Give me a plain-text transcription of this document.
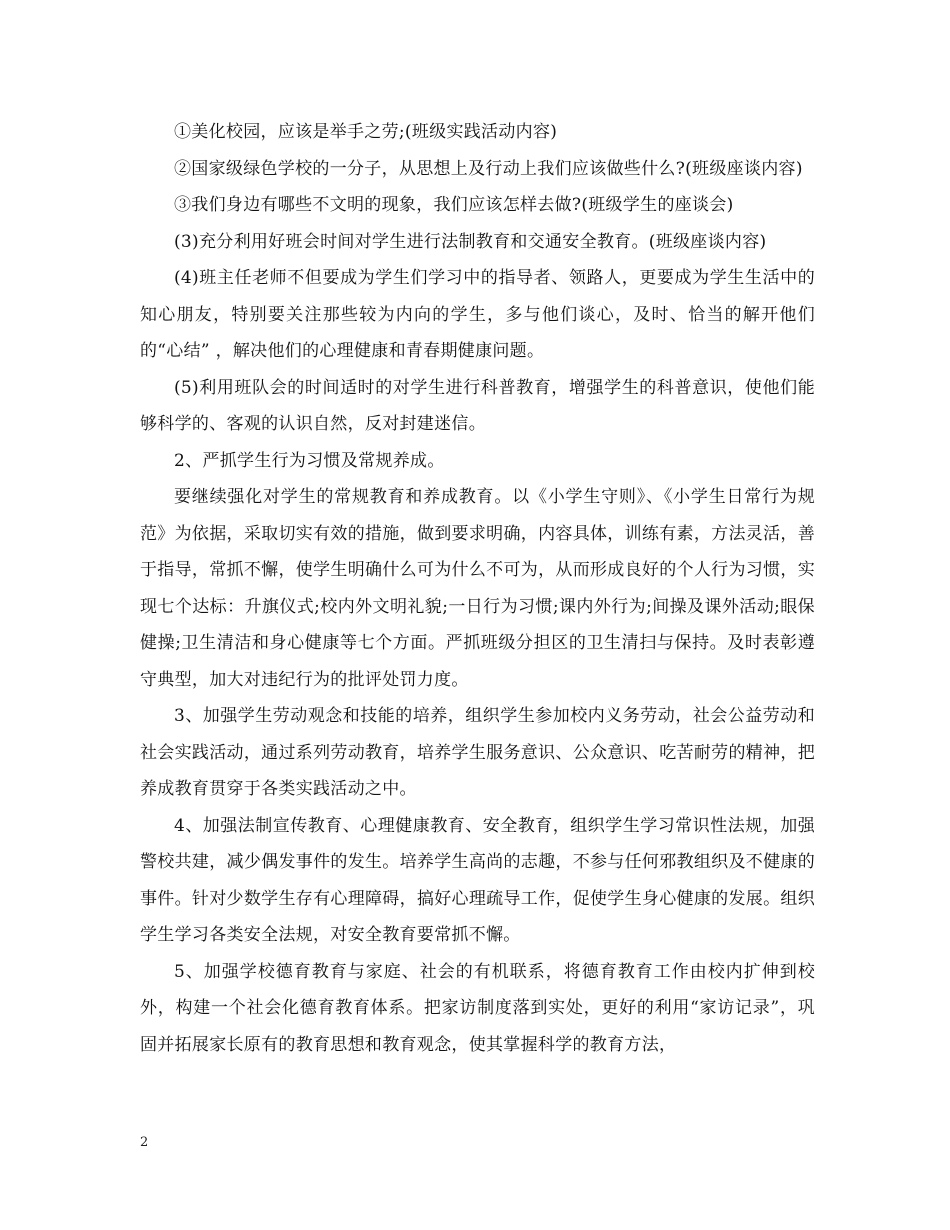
①美化校园，应该是举手之劳;(班级实践活动内容)

②国家级绿色学校的一分子，从思想上及行动上我们应该做些什么?(班级座谈内容)

③我们身边有哪些不文明的现象，我们应该怎样去做?(班级学生的座谈会)

(3)充分利用好班会时间对学生进行法制教育和交通安全教育。(班级座谈内容)

(4)班主任老师不但要成为学生们学习中的指导者、领路人，更要成为学生生活中的知心朋友，特别要关注那些较为内向的学生，多与他们谈心，及时、恰当的解开他们的“心结” ，解决他们的心理健康和青春期健康问题。

(5)利用班队会的时间适时的对学生进行科普教育，增强学生的科普意识，使他们能够科学的、客观的认识自然，反对封建迷信。

2、严抓学生行为习惯及常规养成。

要继续强化对学生的常规教育和养成教育。以《小学生守则》、《小学生日常行为规范》为依据，采取切实有效的措施，做到要求明确，内容具体，训练有素，方法灵活，善于指导，常抓不懈，使学生明确什么可为什么不可为，从而形成良好的个人行为习惯，实现七个达标：升旗仪式;校内外文明礼貌;一日行为习惯;课内外行为;间操及课外活动;眼保健操;卫生清洁和身心健康等七个方面。严抓班级分担区的卫生清扫与保持。及时表彰遵守典型，加大对违纪行为的批评处罚力度。

3、加强学生劳动观念和技能的培养，组织学生参加校内义务劳动，社会公益劳动和社会实践活动，通过系列劳动教育，培养学生服务意识、公众意识、吃苦耐劳的精神，把养成教育贯穿于各类实践活动之中。

4、加强法制宣传教育、心理健康教育、安全教育，组织学生学习常识性法规，加强警校共建，减少偶发事件的发生。培养学生高尚的志趣，不参与任何邪教组织及不健康的事件。针对少数学生存有心理障碍，搞好心理疏导工作，促使学生身心健康的发展。组织学生学习各类安全法规，对安全教育要常抓不懈。

5、加强学校德育教育与家庭、社会的有机联系，将德育教育工作由校内扩伸到校外，构建一个社会化德育教育体系。把家访制度落到实处，更好的利用“家访记录”，巩固并拓展家长原有的教育思想和教育观念，使其掌握科学的教育方法，

2
